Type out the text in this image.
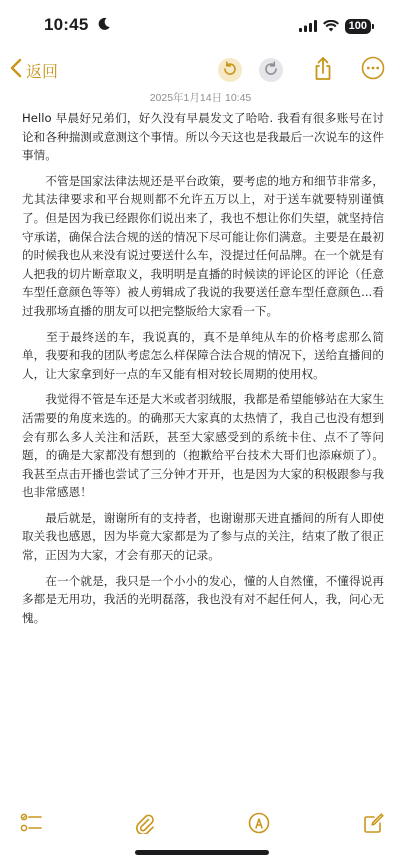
10:45	100
返回
2025年1月14日 10:45

Hello 早晨好兄弟们，好久没有早晨发文了哈哈. 我看有很多账号在讨论和各种揣测或意测这个事情。所以今天这也是我最后一次说车的这件事情。

　　不管是国家法律法规还是平台政策，要考虑的地方和细节非常多，尤其法律要求和平台规则都不允许五万以上，对于送车就要特别谨慎了。但是因为我已经跟你们说出来了，我也不想让你们失望，就坚持信守承诺，确保合法合规的送的情况下尽可能让你们满意。主要是在最初的时候我也从来没有说过要送什么车，没提过任何品牌。在一个就是有人把我的切片断章取义，我明明是直播的时候读的评论区的评论（任意车型任意颜色等等）被人剪辑成了我说的我要送任意车型任意颜色...看过我那场直播的朋友可以把完整版给大家看一下。

　　至于最终送的车，我说真的，真不是单纯从车的价格考虑那么简单，我要和我的团队考虑怎么样保障合法合规的情况下，送给直播间的人，让大家拿到好一点的车又能有相对较长周期的使用权。

　　我觉得不管是车还是大米或者羽绒服，我都是希望能够站在大家生活需要的角度来选的。的确那天大家真的太热情了，我自己也没有想到会有那么多人关注和活跃，甚至大家感受到的系统卡住、点不了等问题，的确是大家都没有想到的（抱歉给平台技术大哥们也添麻烦了）。我甚至点击开播也尝试了三分钟才开开，也是因为大家的积极跟参与我也非常感恩！

　　最后就是，谢谢所有的支持者，也谢谢那天进直播间的所有人即使取关我也感恩，因为毕竟大家都是为了参与点的关注，结束了散了很正常，正因为大家，才会有那天的记录。

　　在一个就是，我只是一个小小的发心，懂的人自然懂，不懂得说再多都是无用功，我活的光明磊落，我也没有对不起任何人，我，问心无愧。
